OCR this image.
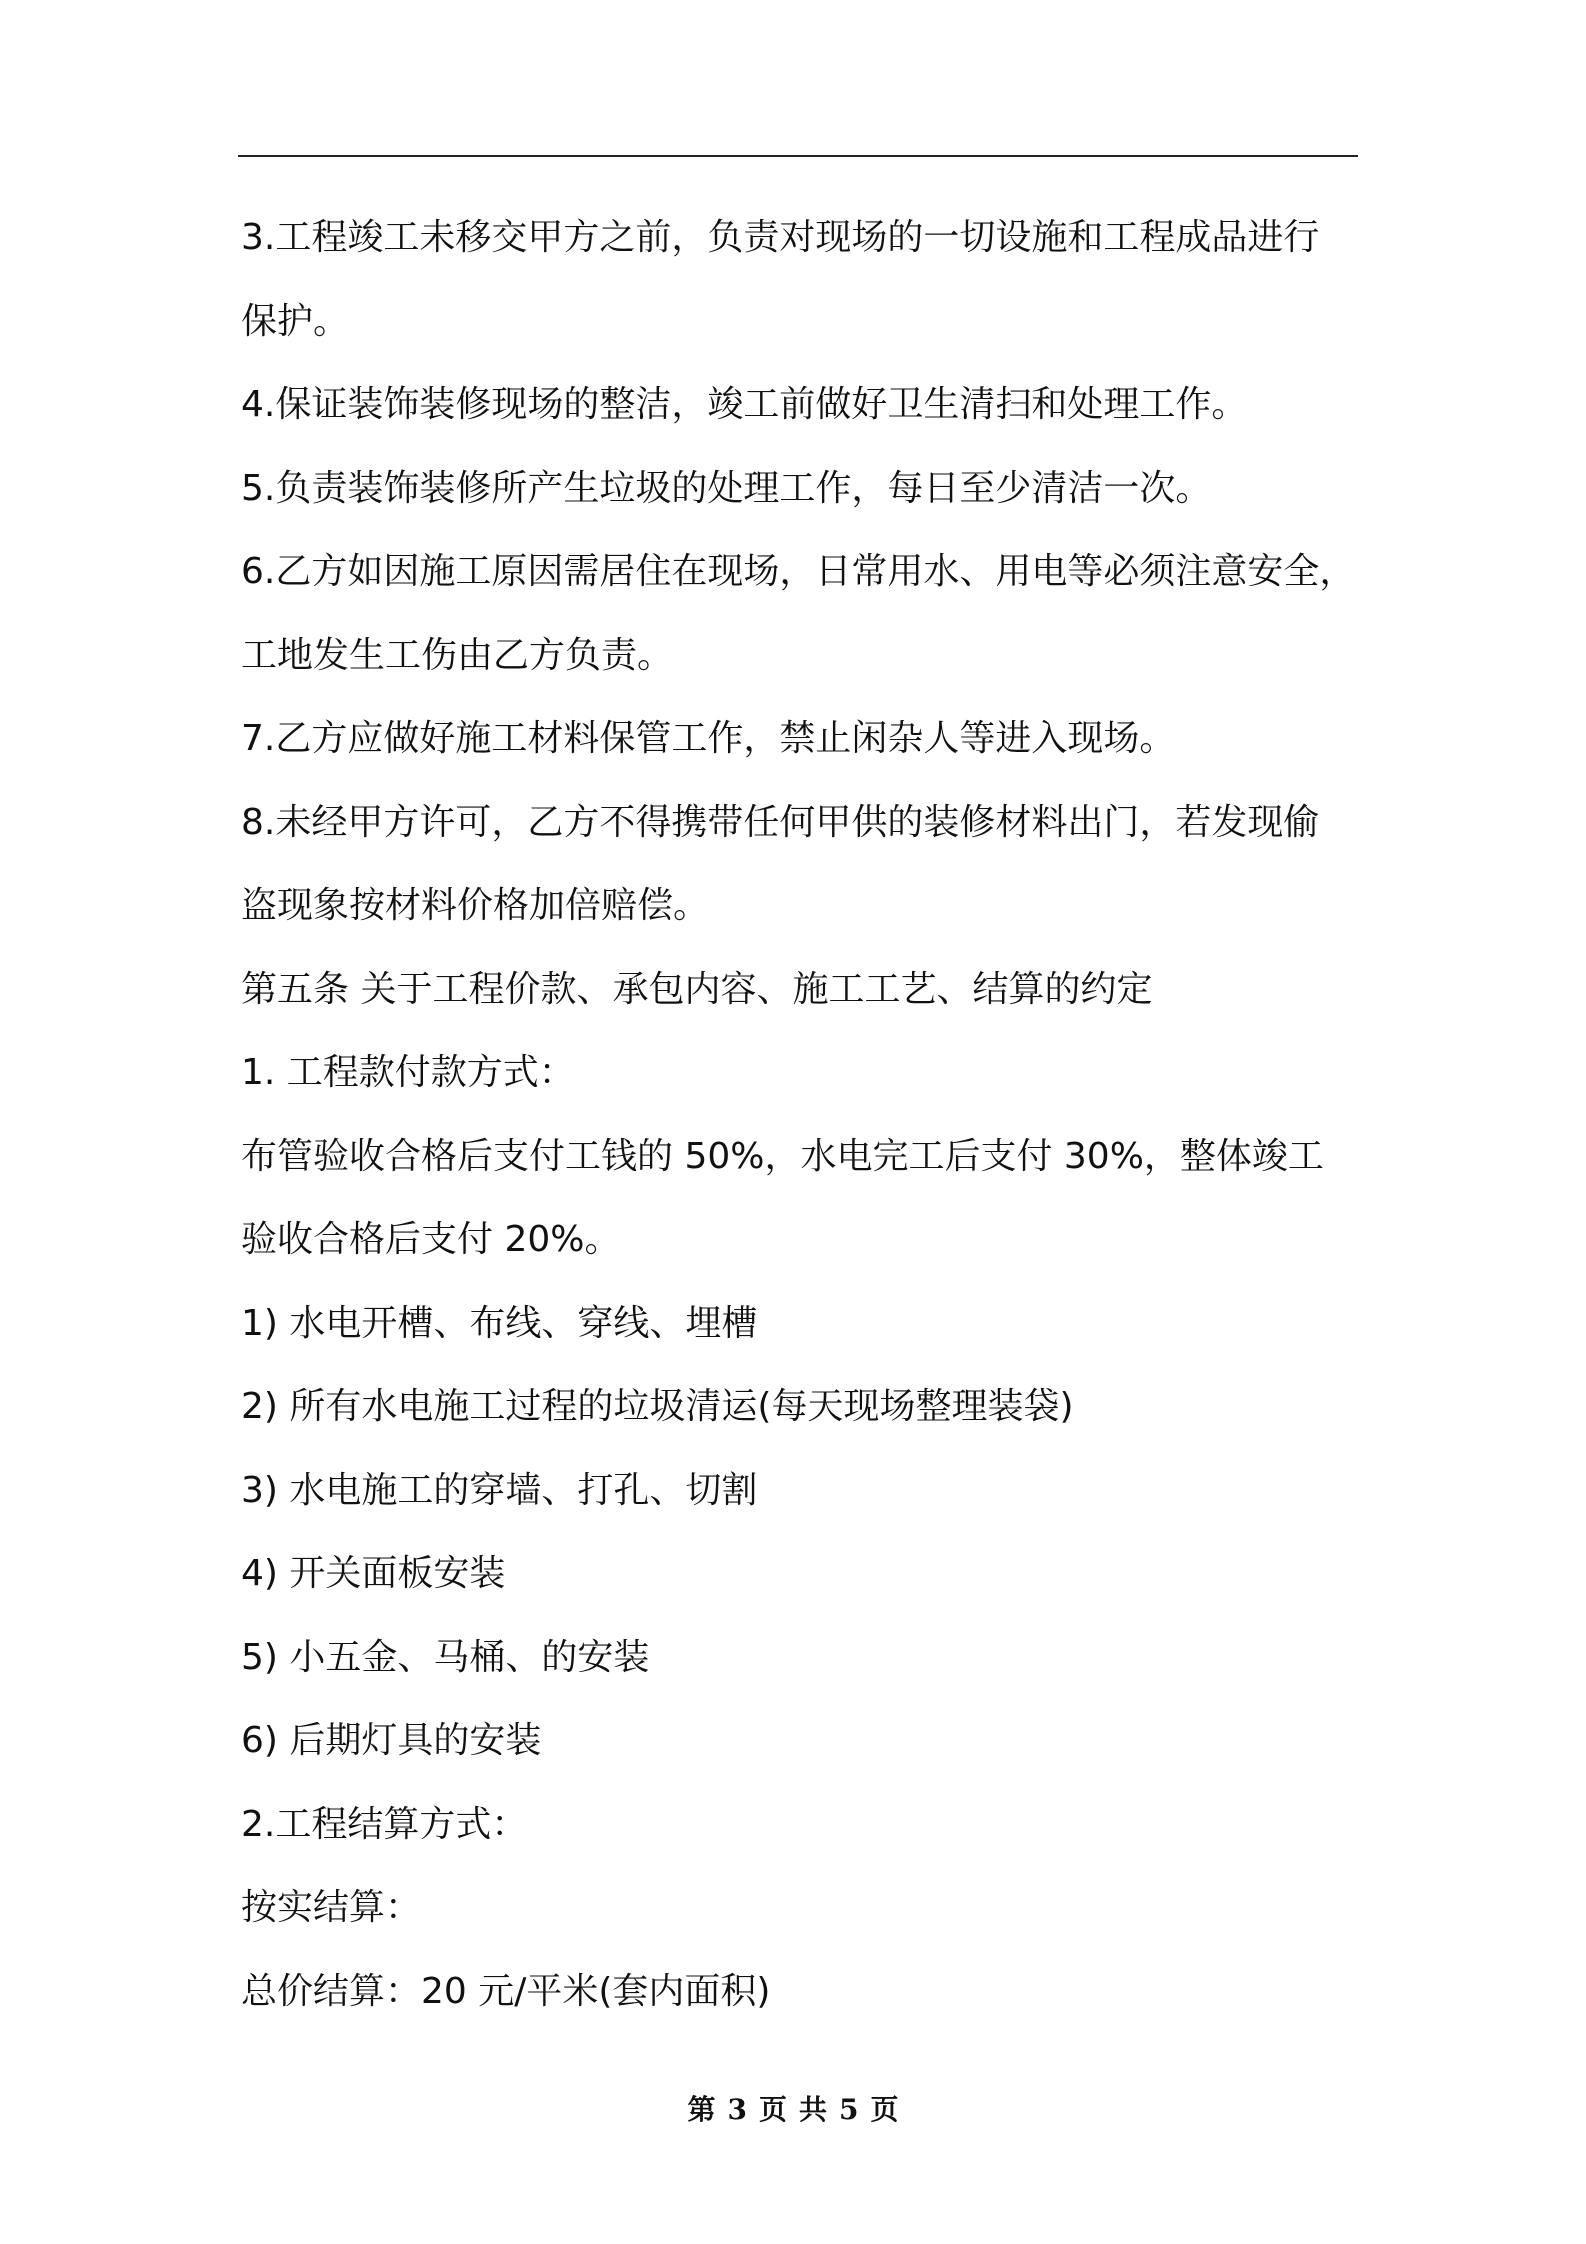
3.工程竣工未移交甲方之前，负责对现场的一切设施和工程成品进行
保护。
4.保证装饰装修现场的整洁，竣工前做好卫生清扫和处理工作。
5.负责装饰装修所产生垃圾的处理工作，每日至少清洁一次。
6.乙方如因施工原因需居住在现场，日常用水、用电等必须注意安全，
工地发生工伤由乙方负责。
7.乙方应做好施工材料保管工作，禁止闲杂人等进入现场。
8.未经甲方许可，乙方不得携带任何甲供的装修材料出门，若发现偷
盗现象按材料价格加倍赔偿。
第五条 关于工程价款、承包内容、施工工艺、结算的约定
1. 工程款付款方式：
布管验收合格后支付工钱的 50%，水电完工后支付 30%，整体竣工
验收合格后支付 20%。
1) 水电开槽、布线、穿线、埋槽
2) 所有水电施工过程的垃圾清运(每天现场整理装袋)
3) 水电施工的穿墙、打孔、切割
4) 开关面板安装
5) 小五金、马桶、的安装
6) 后期灯具的安装
2.工程结算方式：
按实结算：
总价结算：20 元/平米(套内面积)
第 3 页 共 5 页
